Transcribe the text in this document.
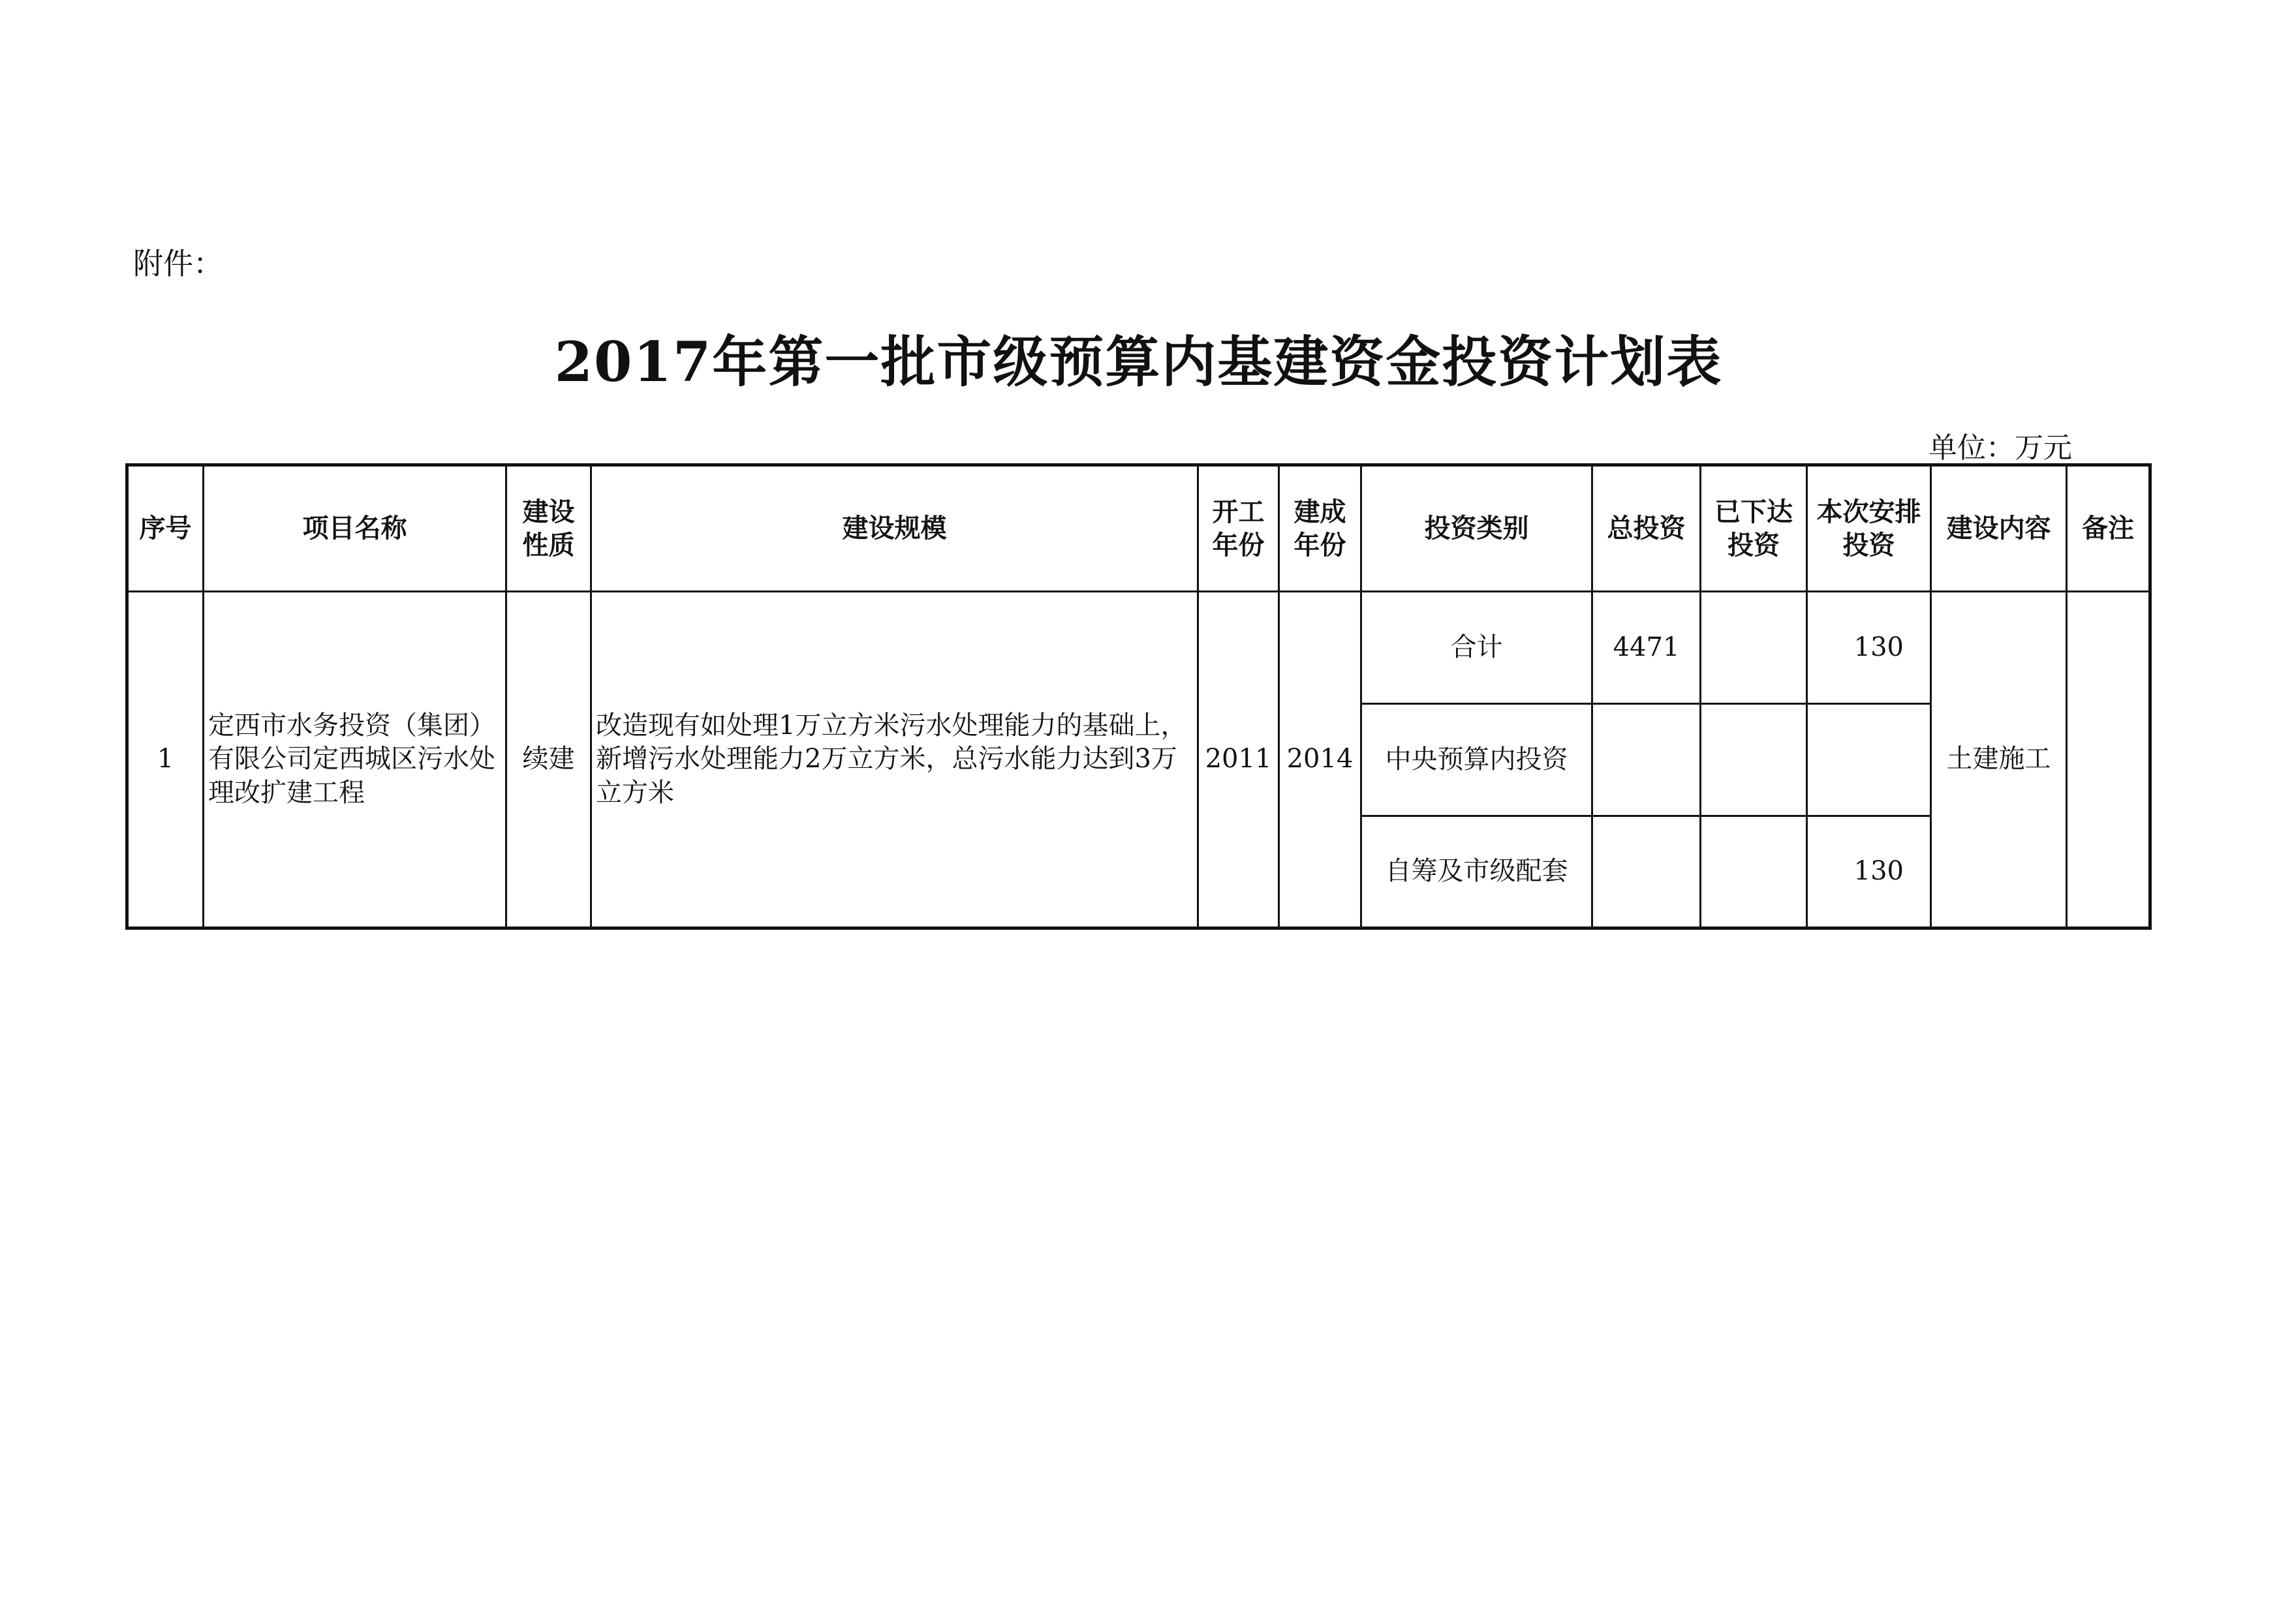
附件：
2017年第一批市级预算内基建资金投资计划表
单位：万元
序号	项目名称	建设性质	建设规模	开工年份	建成年份	投资类别	总投资	已下达投资	本次安排投资	建设内容	备注
1	定西市水务投资（集团）有限公司定西城区污水处理改扩建工程	续建	改造现有如处理1万立方米污水处理能力的基础上，新增污水处理能力2万立方米，总污水能力达到3万立方米	2011	2014	合计	4471		130	土建施工	
						中央预算内投资					
						自筹及市级配套			130		
